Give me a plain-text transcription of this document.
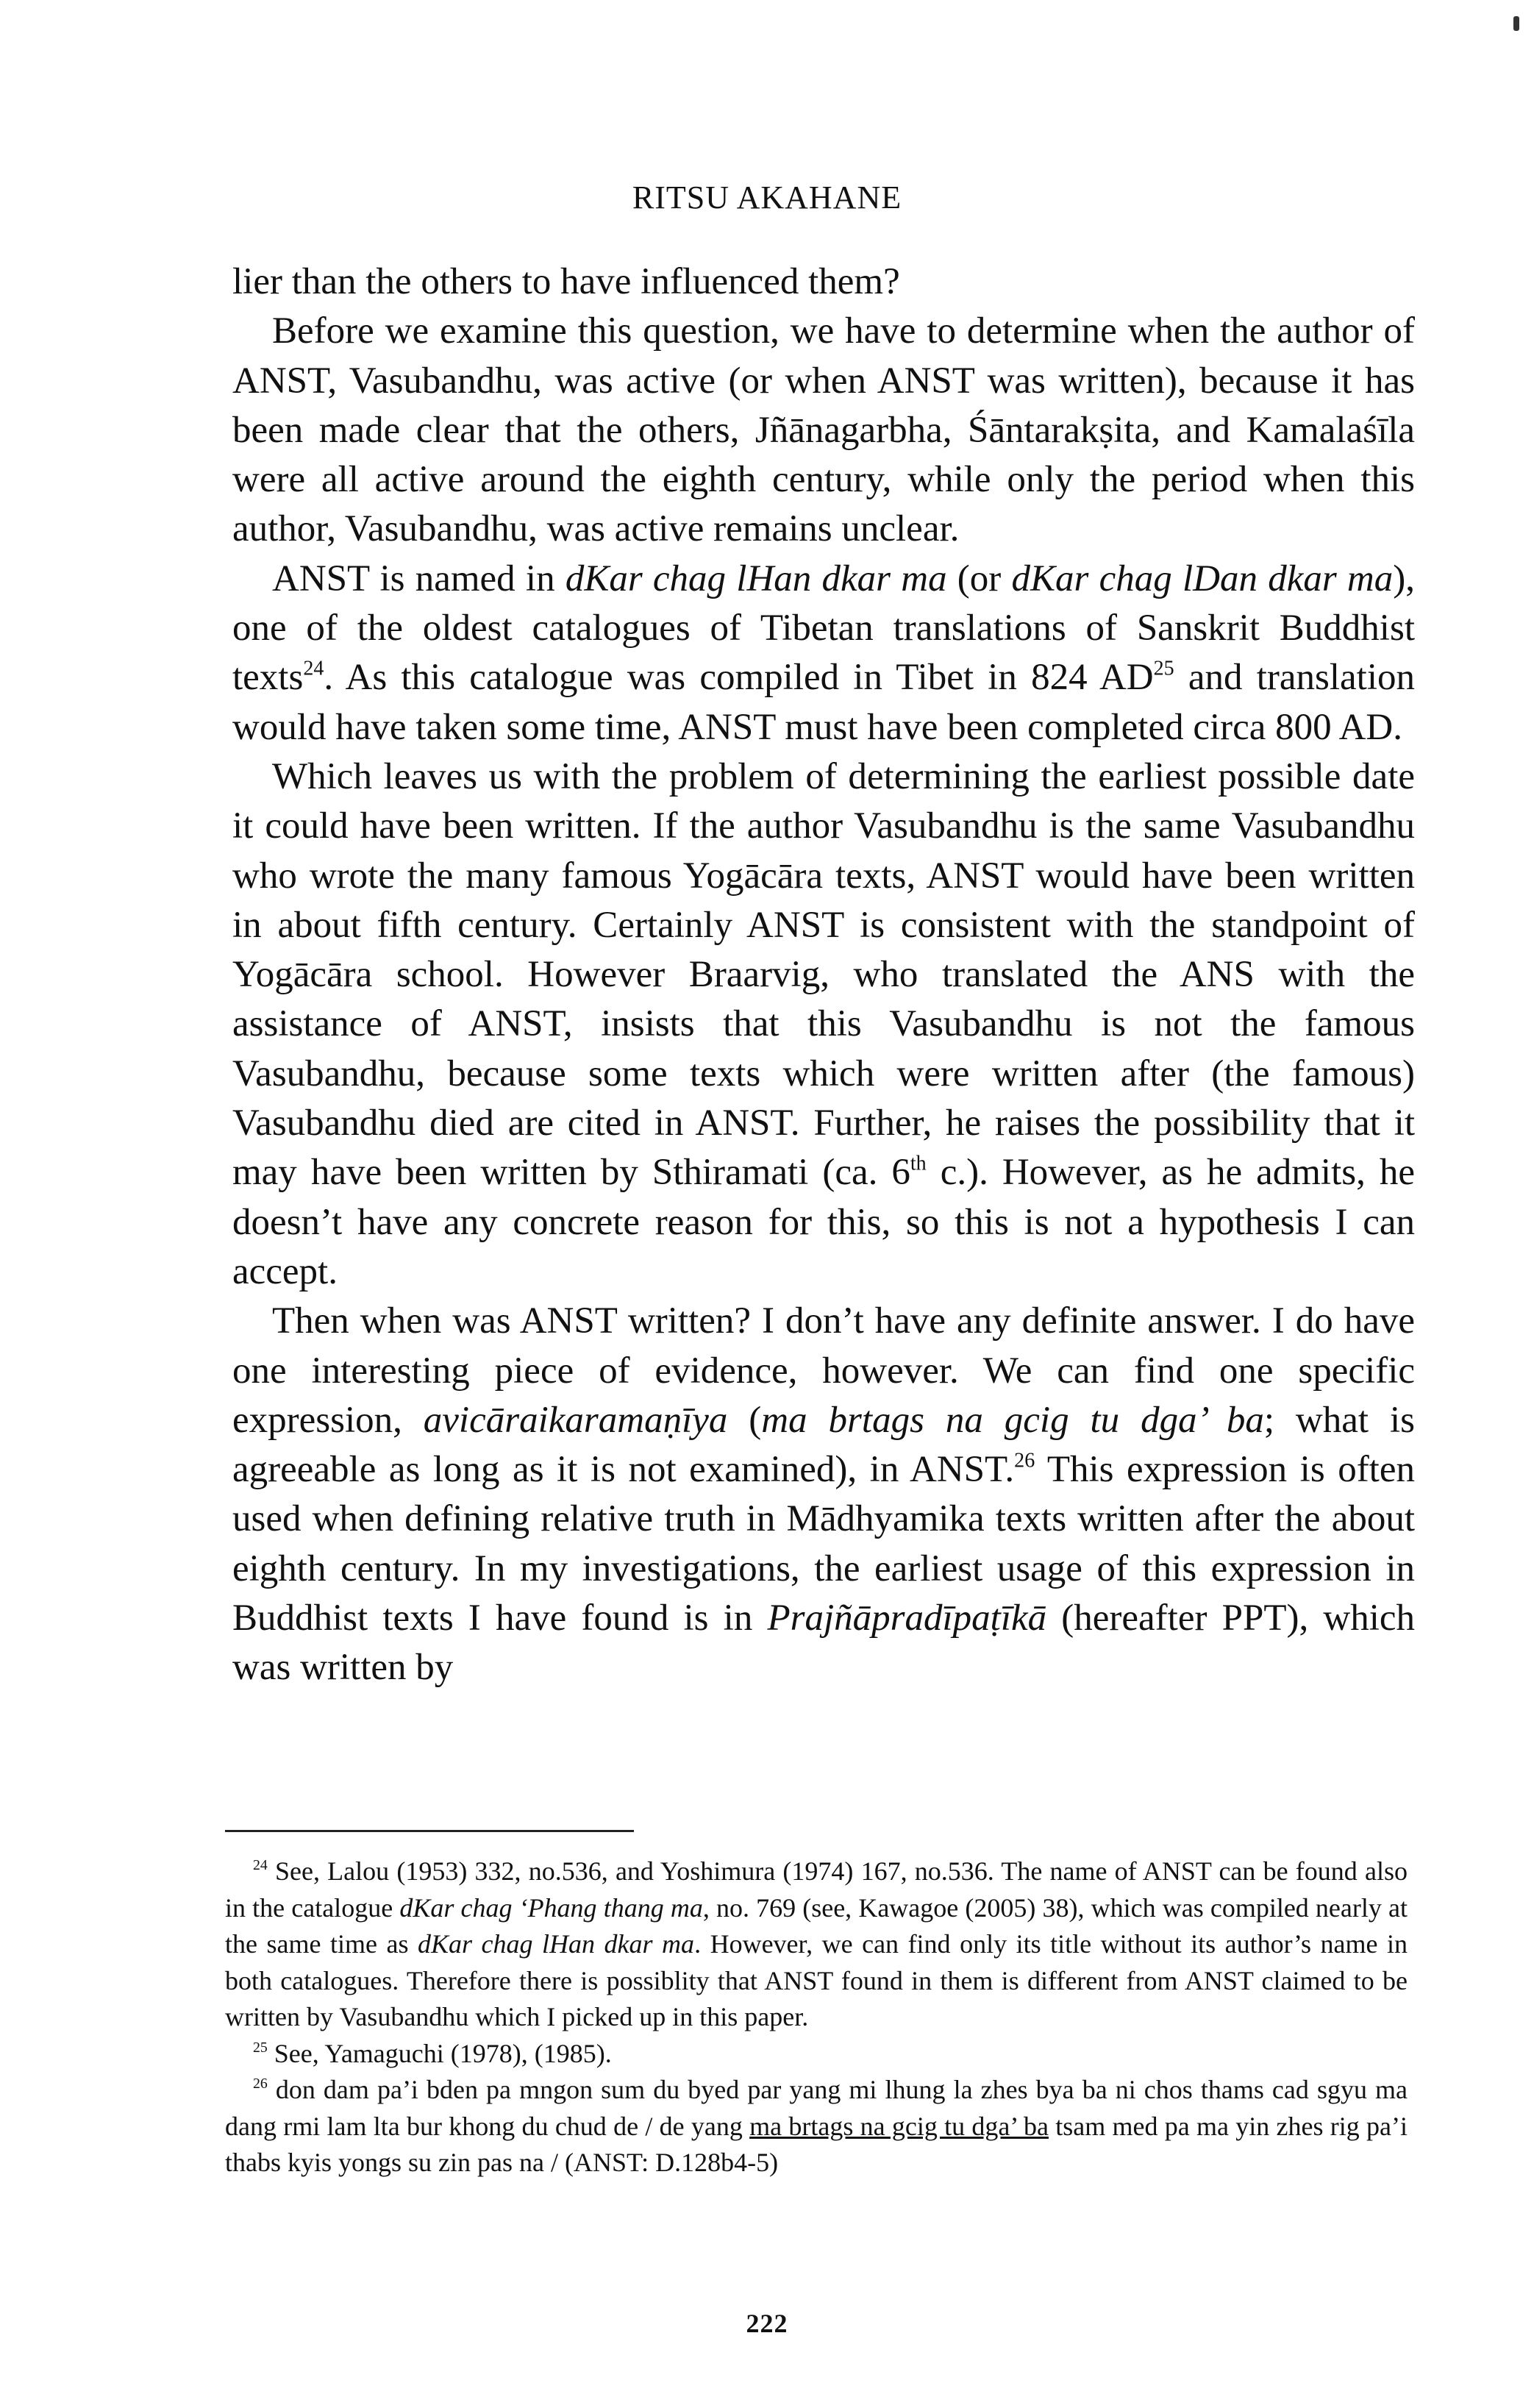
RITSU AKAHANE

lier than the others to have influenced them?

Before we examine this question, we have to determine when the author of ANST, Vasubandhu, was active (or when ANST was written), because it has been made clear that the others, Jñānagarbha, Śāntarakṣita, and Kamalaśīla were all active around the eighth century, while only the period when this author, Vasubandhu, was active remains unclear.

ANST is named in dKar chag lHan dkar ma (or dKar chag lDan dkar ma), one of the oldest catalogues of Tibetan translations of Sanskrit Buddhist texts$^{24}$. As this catalogue was compiled in Tibet in 824 AD$^{25}$ and translation would have taken some time, ANST must have been completed circa 800 AD.

Which leaves us with the problem of determining the earliest possible date it could have been written. If the author Vasubandhu is the same Vasubandhu who wrote the many famous Yogācāra texts, ANST would have been written in about fifth century. Certainly ANST is consistent with the standpoint of Yogācāra school. However Braarvig, who translated the ANS with the assistance of ANST, insists that this Vasubandhu is not the famous Vasubandhu, because some texts which were written after (the famous) Vasubandhu died are cited in ANST. Further, he raises the possibility that it may have been written by Sthiramati (ca. 6th c.). However, as he admits, he doesn’t have any concrete reason for this, so this is not a hypothesis I can accept.

Then when was ANST written? I don’t have any definite answer. I do have one interesting piece of evidence, however. We can find one specific expression, avicāraikaramaṇīya (ma brtags na gcig tu dga’ ba; what is agreeable as long as it is not examined), in ANST.$^{26}$ This expression is often used when defining relative truth in Mādhyamika texts written after the about eighth century. In my investigations, the earliest usage of this expression in Buddhist texts I have found is in Prajñāpradīpaṭīkā (hereafter PPT), which was written by

$^{24}$ See, Lalou (1953) 332, no.536, and Yoshimura (1974) 167, no.536. The name of ANST can be found also in the catalogue dKar chag ‘Phang thang ma, no. 769 (see, Kawagoe (2005) 38), which was compiled nearly at the same time as dKar chag lHan dkar ma. However, we can find only its title without its author’s name in both catalogues. Therefore there is possiblity that ANST found in them is different from ANST claimed to be written by Vasubandhu which I picked up in this paper.

$^{25}$ See, Yamaguchi (1978), (1985).

$^{26}$ don dam pa’i bden pa mngon sum du byed par yang mi lhung la zhes bya ba ni chos thams cad sgyu ma dang rmi lam lta bur khong du chud de / de yang ma brtags na gcig tu dga’ ba tsam med pa ma yin zhes rig pa’i thabs kyis yongs su zin pas na / (ANST: D.128b4-5)

222
